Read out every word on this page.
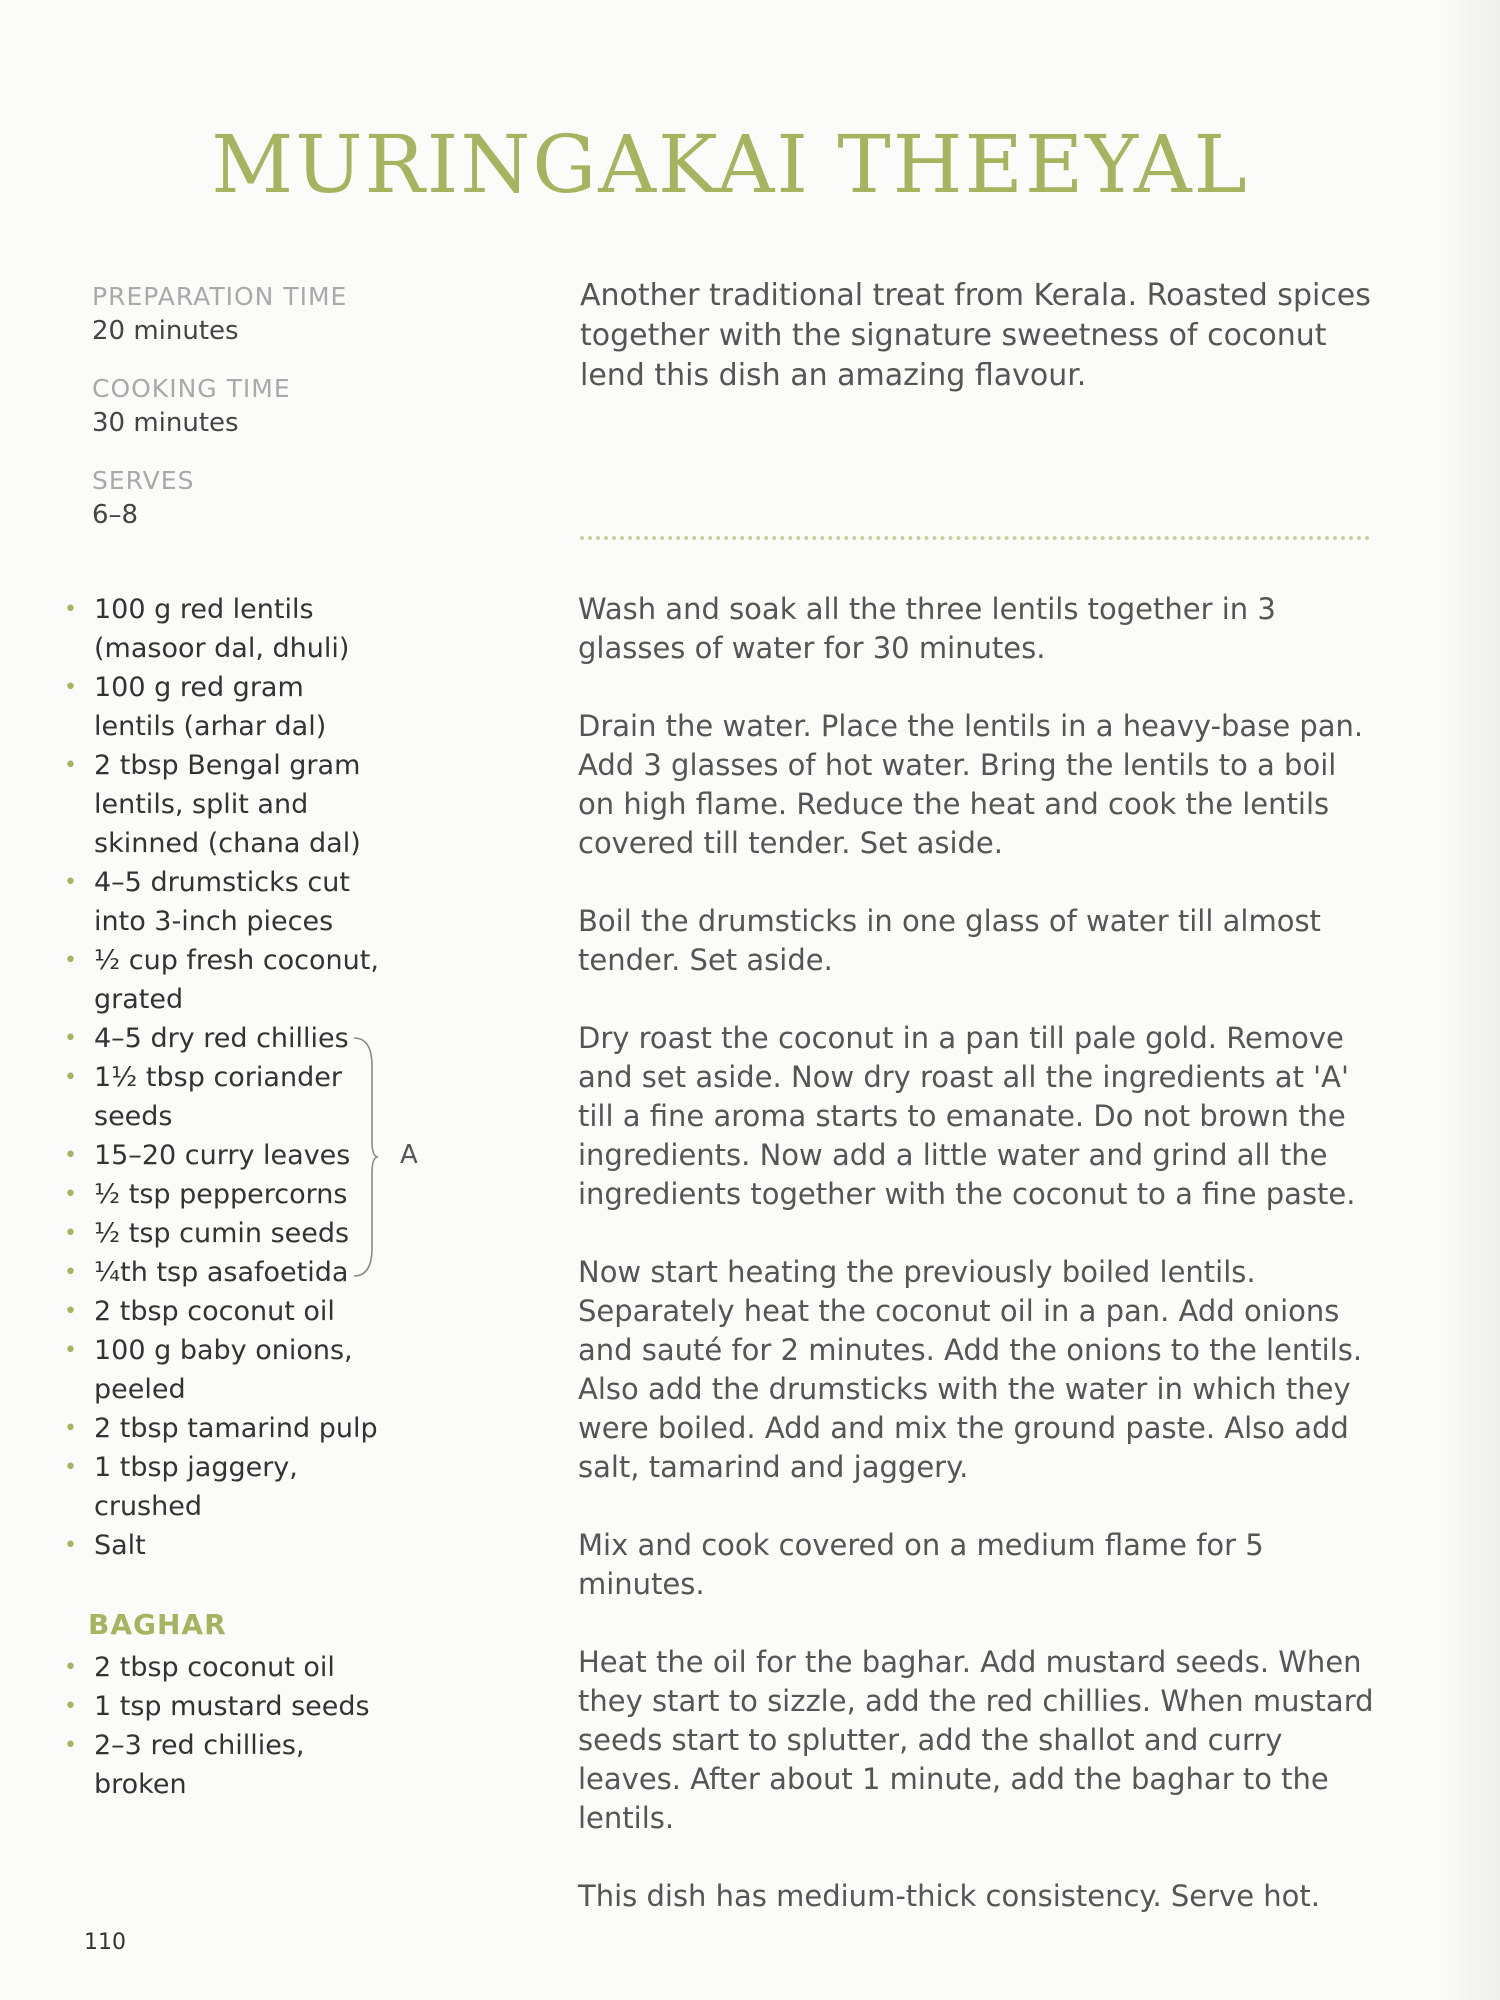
MURINGAKAI THEEYAL
PREPARATION TIME
20 minutes
COOKING TIME
30 minutes
SERVES
6–8

Another traditional treat from Kerala. Roasted spices together with the signature sweetness of coconut lend this dish an amazing flavour.

• 100 g red lentils (masoor dal, dhuli)
• 100 g red gram lentils (arhar dal)
• 2 tbsp Bengal gram lentils, split and skinned (chana dal)
• 4–5 drumsticks cut into 3-inch pieces
• ½ cup fresh coconut, grated
• 4–5 dry red chillies
• 1½ tbsp coriander seeds
• 15–20 curry leaves
• ½ tsp peppercorns
• ½ tsp cumin seeds
• ¼th tsp asafoetida
• 2 tbsp coconut oil
• 100 g baby onions, peeled
• 2 tbsp tamarind pulp
• 1 tbsp jaggery, crushed
• Salt
A
BAGHAR
• 2 tbsp coconut oil
• 1 tsp mustard seeds
• 2–3 red chillies, broken

Wash and soak all the three lentils together in 3 glasses of water for 30 minutes.

Drain the water. Place the lentils in a heavy-base pan. Add 3 glasses of hot water. Bring the lentils to a boil on high flame. Reduce the heat and cook the lentils covered till tender. Set aside.

Boil the drumsticks in one glass of water till almost tender. Set aside.

Dry roast the coconut in a pan till pale gold. Remove and set aside. Now dry roast all the ingredients at 'A' till a fine aroma starts to emanate. Do not brown the ingredients. Now add a little water and grind all the ingredients together with the coconut to a fine paste.

Now start heating the previously boiled lentils. Separately heat the coconut oil in a pan. Add onions and sauté for 2 minutes. Add the onions to the lentils. Also add the drumsticks with the water in which they were boiled. Add and mix the ground paste. Also add salt, tamarind and jaggery.

Mix and cook covered on a medium flame for 5 minutes.

Heat the oil for the baghar. Add mustard seeds. When they start to sizzle, add the red chillies. When mustard seeds start to splutter, add the shallot and curry leaves. After about 1 minute, add the baghar to the lentils.

This dish has medium-thick consistency. Serve hot.

110
